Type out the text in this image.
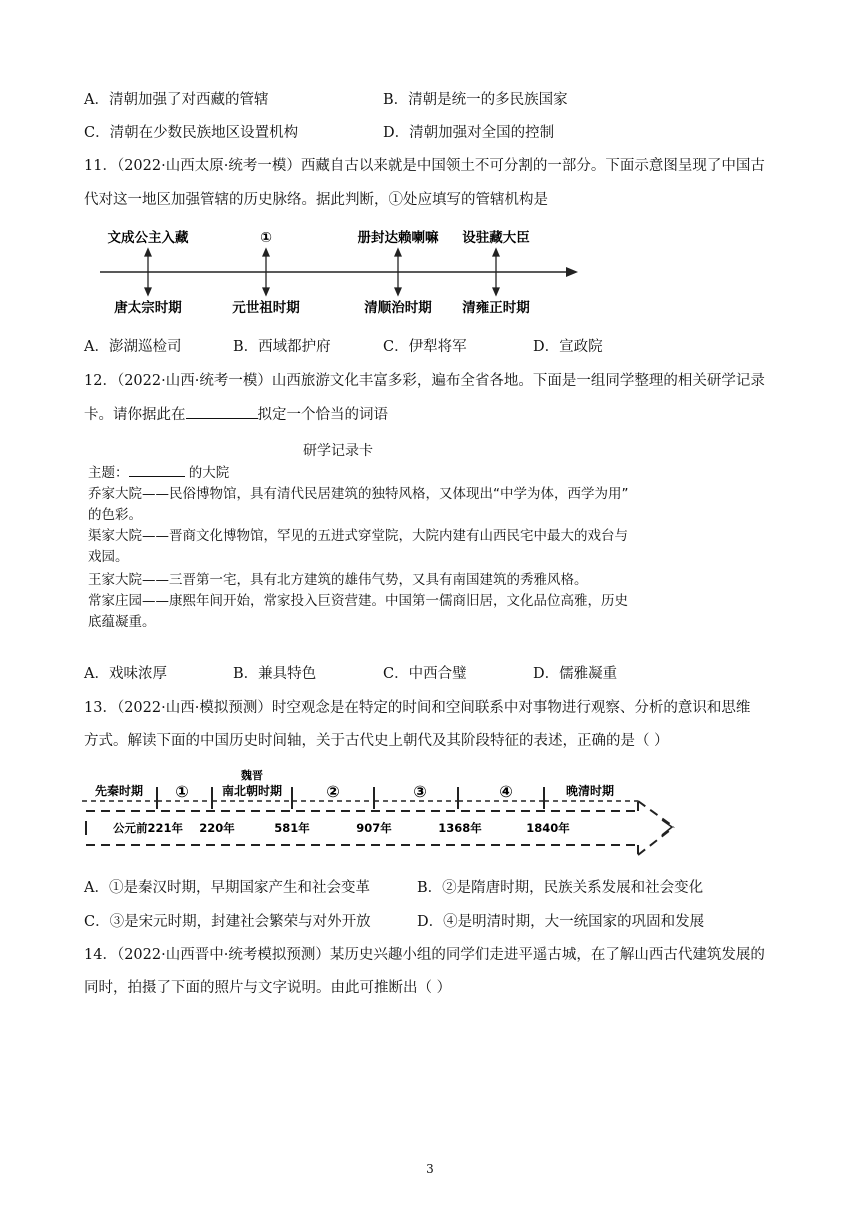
A．清朝加强了对西藏的管辖	B．清朝是统一的多民族国家
C．清朝在少数民族地区设置机构	D．清朝加强对全国的控制
11．（2022·山西太原·统考一模）西藏自古以来就是中国领土不可分割的一部分。下面示意图呈现了中国古
代对这一地区加强管辖的历史脉络。据此判断，①处应填写的管辖机构是
文成公主入藏	①	册封达赖喇嘛 设驻藏大臣
唐太宗时期	元世祖时期	清顺治时期 清雍正时期
A．澎湖巡检司	B．西域都护府	C．伊犁将军	D．宣政院
12．（2022·山西·统考一模）山西旅游文化丰富多彩，遍布全省各地。下面是一组同学整理的相关研学记录
卡。请你据此在	拟定一个恰当的词语
研学记录卡
主题：	的大院
乔家大院——民俗博物馆，具有清代民居建筑的独特风格，又体现出“中学为体，西学为用”
的色彩。
渠家大院——晋商文化博物馆，罕见的五进式穿堂院，大院内建有山西民宅中最大的戏台与
戏园。
王家大院——三晋第一宅，具有北方建筑的雄伟气势，又具有南国建筑的秀雅风格。
常家庄园——康熙年间开始，常家投入巨资营建。中国第一儒商旧居，文化品位高雅，历史
底蕴凝重。
A．戏味浓厚	B．兼具特色	C．中西合璧	D．儒雅凝重
13．（2022·山西·模拟预测）时空观念是在特定的时间和空间联系中对事物进行观察、分析的意识和思维
方式。解读下面的中国历史时间轴，关于古代史上朝代及其阶段特征的表述，正确的是（ ）
先秦时期 ①
魏晋
南北朝时期	②	③	④	晚清时期
公元前221年 220年	581年	907年	1368年	1840年
A．①是秦汉时期，早期国家产生和社会变革	B．②是隋唐时期，民族关系发展和社会变化
C．③是宋元时期，封建社会繁荣与对外开放	D．④是明清时期，大一统国家的巩固和发展
14．（2022·山西晋中·统考模拟预测）某历史兴趣小组的同学们走进平遥古城，在了解山西古代建筑发展的
同时，拍摄了下面的照片与文字说明。由此可推断出（ ）
3
